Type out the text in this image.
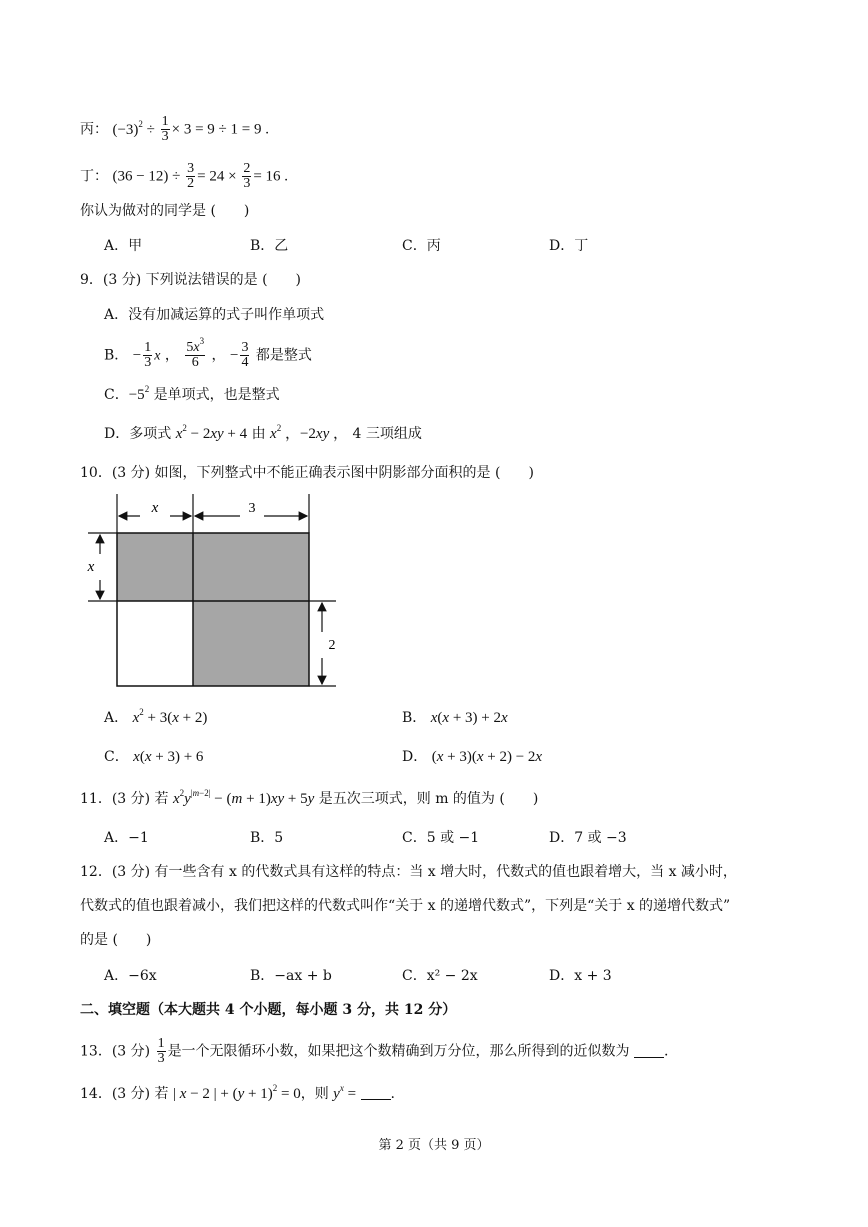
丙： $(-3)^2 \div \frac{1}{3} \times 3 = 9 \div 1 = 9$ .
丁： $(36 - 12) \div \frac{3}{2} = 24 \times \frac{2}{3} = 16$ .
你认为做对的同学是 (　　)
A．甲	B．乙	C．丙	D．丁
9．(3 分) 下列说法错误的是 (　　)
A．没有加减运算的式子叫作单项式
B． − $\frac{1}{3}$ x ， $\frac{5x^3}{6}$ ， − $\frac{3}{4}$ 都是整式
C．$-5^2$ 是单项式，也是整式
D．多项式 $x^2 - 2xy + 4$ 由 $x^2$ ，−2xy ， 4 三项组成
10．(3 分) 如图，下列整式中不能正确表示图中阴影部分面积的是 (　　)
x	3
x
2
A． $x^2 + 3(x + 2)$	B． x(x + 3) + 2x
C． x(x + 3) + 6	D． (x + 3)(x + 2) − 2x
11．(3 分) 若 $x^2y^{|m-2|} - (m + 1)xy + 5y$ 是五次三项式，则 m 的值为 (　　)
A．−1	B．5	C．5 或 −1	D．7 或 −3
12．(3 分) 有一些含有 x 的代数式具有这样的特点：当 x 增大时，代数式的值也跟着增大，当 x 减小时，
代数式的值也跟着减小，我们把这样的代数式叫作“关于 x 的递增代数式”，下列是“关于 x 的递增代数式”
的是 (　　)
A．−6x	B．−ax + b	C．x² − 2x	D．x + 3
二、填空题（本大题共 4 个小题，每小题 3 分，共 12 分）
13．(3 分) $\frac{1}{3}$ 是一个无限循环小数，如果把这个数精确到万分位，那么所得到的近似数为 .
14．(3 分) 若 | x − 2 | + $(y + 1)^2 = 0$，则 $y^x$ = .
第 2 页（共 9 页）
